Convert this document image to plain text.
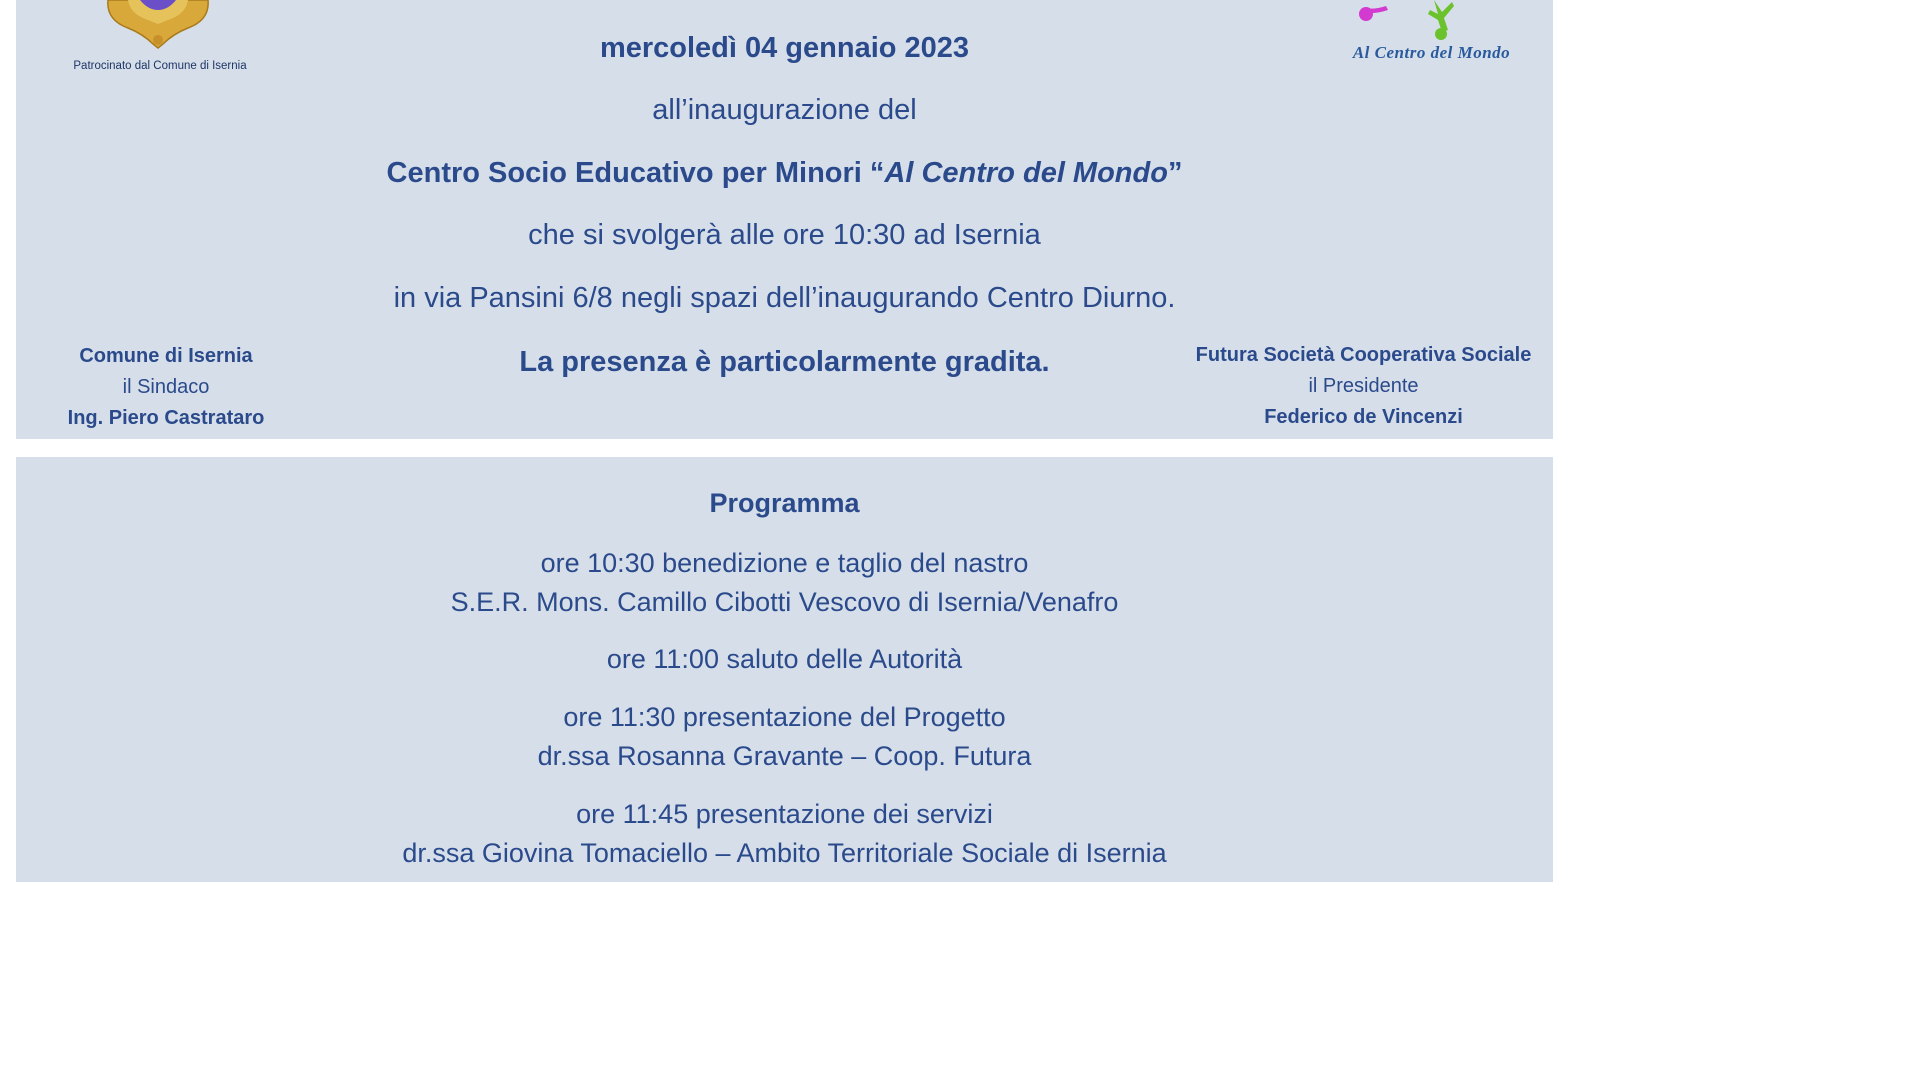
Patrocinato dal Comune di Isernia
Al Centro del Mondo
mercoledì 04 gennaio 2023
all’inaugurazione del
Centro Socio Educativo per Minori “Al Centro del Mondo”
che si svolgerà alle ore 10:30 ad Isernia
in via Pansini 6/8 negli spazi dell’inaugurando Centro Diurno.
La presenza è particolarmente gradita.
Comune di Isernia
il Sindaco
Ing. Piero Castrataro
Futura Società Cooperativa Sociale
il Presidente
Federico de Vincenzi
Programma
ore 10:30 benedizione e taglio del nastro
S.E.R. Mons. Camillo Cibotti Vescovo di Isernia/Venafro
ore 11:00 saluto delle Autorità
ore 11:30 presentazione del Progetto
dr.ssa Rosanna Gravante – Coop. Futura
ore 11:45 presentazione dei servizi
dr.ssa Giovina Tomaciello – Ambito Territoriale Sociale di Isernia
